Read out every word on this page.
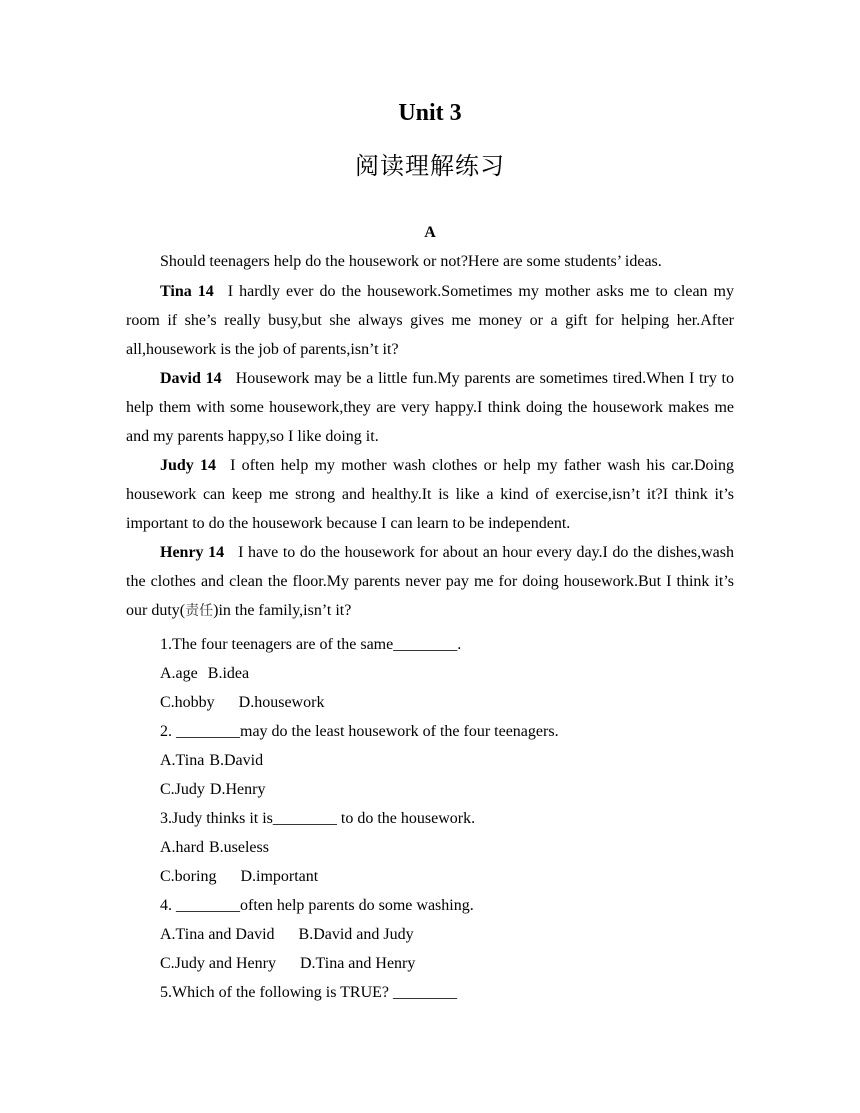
Unit 3
阅读理解练习
A
Should teenagers help do the housework or not?Here are some students’ ideas.
Tina 14 I hardly ever do the housework.Sometimes my mother asks me to clean my room if she’s really busy,but she always gives me money or a gift for helping her.After all,housework is the job of parents,isn’t it?
David 14 Housework may be a little fun.My parents are sometimes tired.When I try to help them with some housework,they are very happy.I think doing the housework makes me and my parents happy,so I like doing it.
Judy 14 I often help my mother wash clothes or help my father wash his car.Doing housework can keep me strong and healthy.It is like a kind of exercise,isn’t it?I think it’s important to do the housework because I can learn to be independent.
Henry 14 I have to do the housework for about an hour every day.I do the dishes,wash the clothes and clean the floor.My parents never pay me for doing housework.But I think it’s our duty(责任)in the family,isn’t it?
1.The four teenagers are of the same________.
A.age B.idea
C.hobby D.housework
2. ________may do the least housework of the four teenagers.
A.Tina B.David
C.Judy D.Henry
3.Judy thinks it is________ to do the housework.
A.hard B.useless
C.boring D.important
4. ________often help parents do some washing.
A.Tina and David B.David and Judy
C.Judy and Henry D.Tina and Henry
5.Which of the following is TRUE? ________
